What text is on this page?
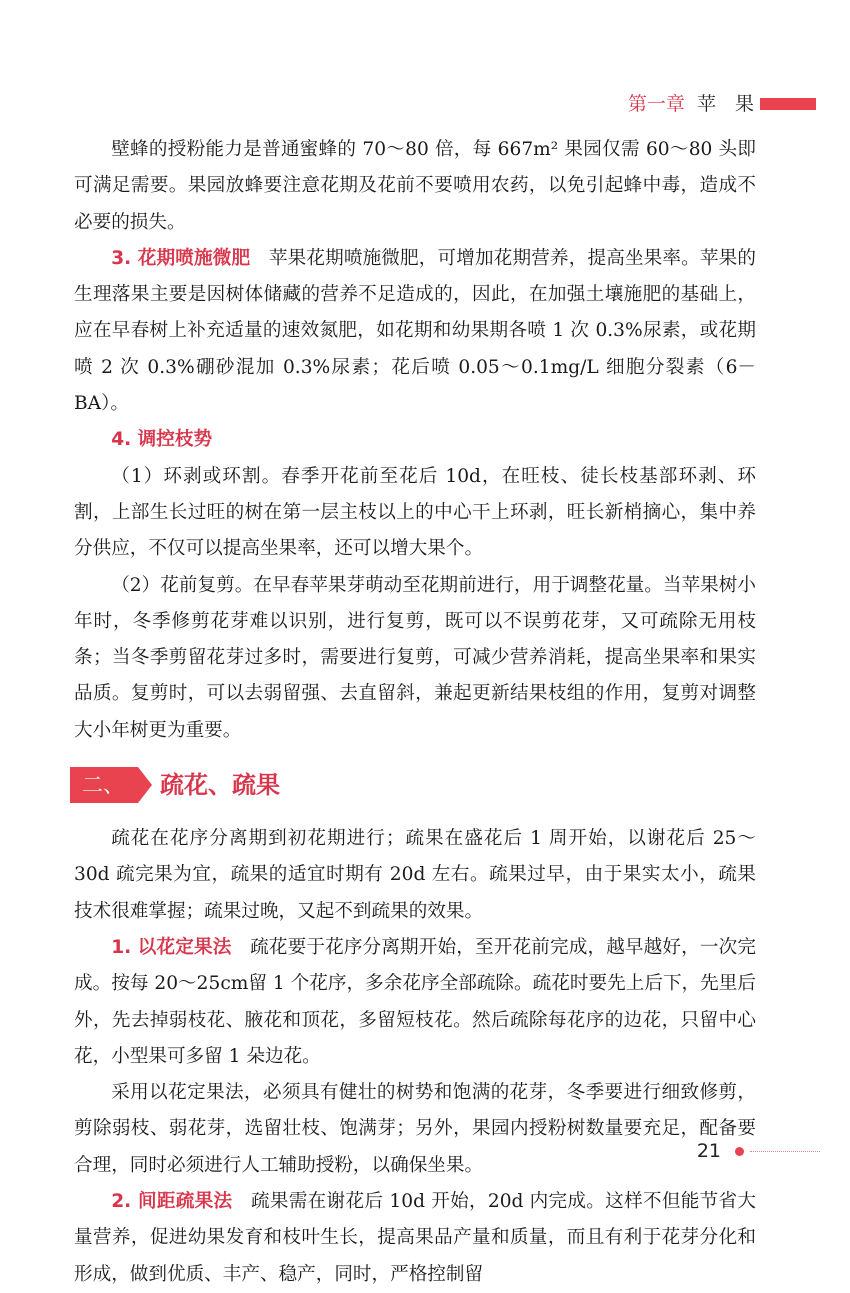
第一章 苹　果

壁蜂的授粉能力是普通蜜蜂的 70～80 倍，每 667m² 果园仅需 60～80 头即可满足需要。果园放蜂要注意花期及花前不要喷用农药，以免引起蜂中毒，造成不必要的损失。

3. 花期喷施微肥 苹果花期喷施微肥，可增加花期营养，提高坐果率。苹果的生理落果主要是因树体储藏的营养不足造成的，因此，在加强土壤施肥的基础上，应在早春树上补充适量的速效氮肥，如花期和幼果期各喷 1 次 0.3%尿素，或花期喷 2 次 0.3%硼砂混加 0.3%尿素；花后喷 0.05～0.1mg/L 细胞分裂素（6－BA）。

4. 调控枝势

（1）环剥或环割。春季开花前至花后 10d，在旺枝、徒长枝基部环剥、环割，上部生长过旺的树在第一层主枝以上的中心干上环剥，旺长新梢摘心，集中养分供应，不仅可以提高坐果率，还可以增大果个。

（2）花前复剪。在早春苹果芽萌动至花期前进行，用于调整花量。当苹果树小年时，冬季修剪花芽难以识别，进行复剪，既可以不误剪花芽，又可疏除无用枝条；当冬季剪留花芽过多时，需要进行复剪，可减少营养消耗，提高坐果率和果实品质。复剪时，可以去弱留强、去直留斜，兼起更新结果枝组的作用，复剪对调整大小年树更为重要。

二、	疏花、疏果

疏花在花序分离期到初花期进行；疏果在盛花后 1 周开始，以谢花后 25～30d 疏完果为宜，疏果的适宜时期有 20d 左右。疏果过早，由于果实太小，疏果技术很难掌握；疏果过晚，又起不到疏果的效果。

1. 以花定果法 疏花要于花序分离期开始，至开花前完成，越早越好，一次完成。按每 20～25cm留 1 个花序，多余花序全部疏除。疏花时要先上后下，先里后外，先去掉弱枝花、腋花和顶花，多留短枝花。然后疏除每花序的边花，只留中心花，小型果可多留 1 朵边花。

采用以花定果法，必须具有健壮的树势和饱满的花芽，冬季要进行细致修剪，剪除弱枝、弱花芽，选留壮枝、饱满芽；另外，果园内授粉树数量要充足，配备要合理，同时必须进行人工辅助授粉，以确保坐果。

2. 间距疏果法 疏果需在谢花后 10d 开始，20d 内完成。这样不但能节省大量营养，促进幼果发育和枝叶生长，提高果品产量和质量，而且有利于花芽分化和形成，做到优质、丰产、稳产，同时，严格控制留

21
